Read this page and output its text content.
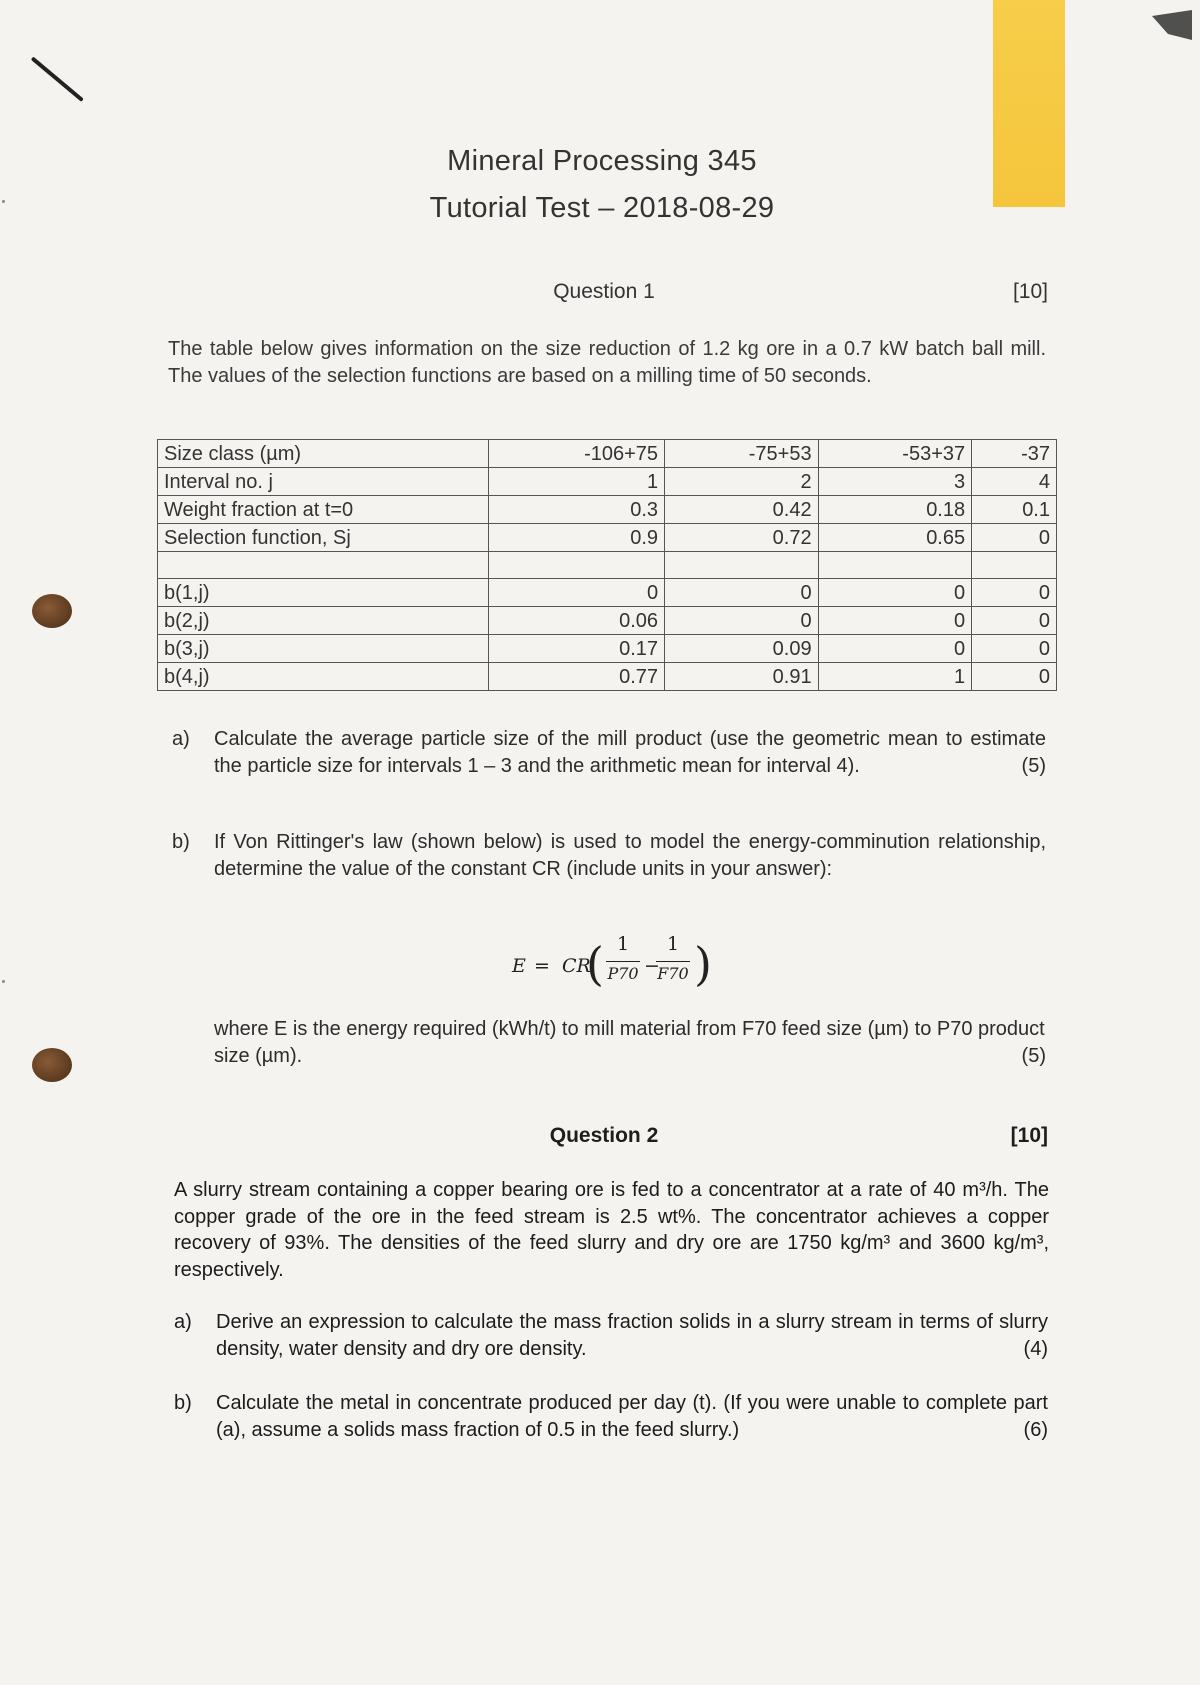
Mineral Processing 345
Tutorial Test – 2018-08-29
Question 1	[10]
The table below gives information on the size reduction of 1.2 kg ore in a 0.7 kW batch ball mill. The values of the selection functions are based on a milling time of 50 seconds.
Size class (µm)	-106+75	-75+53	-53+37	-37
Interval no. j	1	2	3	4
Weight fraction at t=0	0.3	0.42	0.18	0.1
Selection function, Sj	0.9	0.72	0.65	0

b(1,j)	0	0	0	0
b(2,j)	0.06	0	0	0
b(3,j)	0.17	0.09	0	0
b(4,j)	0.77	0.91	1	0
a) Calculate the average particle size of the mill product (use the geometric mean to estimate the particle size for intervals 1 – 3 and the arithmetic mean for interval 4).	(5)
b) If Von Rittinger's law (shown below) is used to model the energy-comminution relationship, determine the value of the constant CR (include units in your answer):
E = CR
( 1
P70 −
1
F70 )
where E is the energy required (kWh/t) to mill material from F70 feed size (µm) to P70 product size (µm).	(5)
Question 2	[10]
A slurry stream containing a copper bearing ore is fed to a concentrator at a rate of 40 m³/h. The copper grade of the ore in the feed stream is 2.5 wt%. The concentrator achieves a copper recovery of 93%. The densities of the feed slurry and dry ore are 1750 kg/m³ and 3600 kg/m³, respectively.
a) Derive an expression to calculate the mass fraction solids in a slurry stream in terms of slurry density, water density and dry ore density.	(4)
b) Calculate the metal in concentrate produced per day (t). (If you were unable to complete part (a), assume a solids mass fraction of 0.5 in the feed slurry.)	(6)
